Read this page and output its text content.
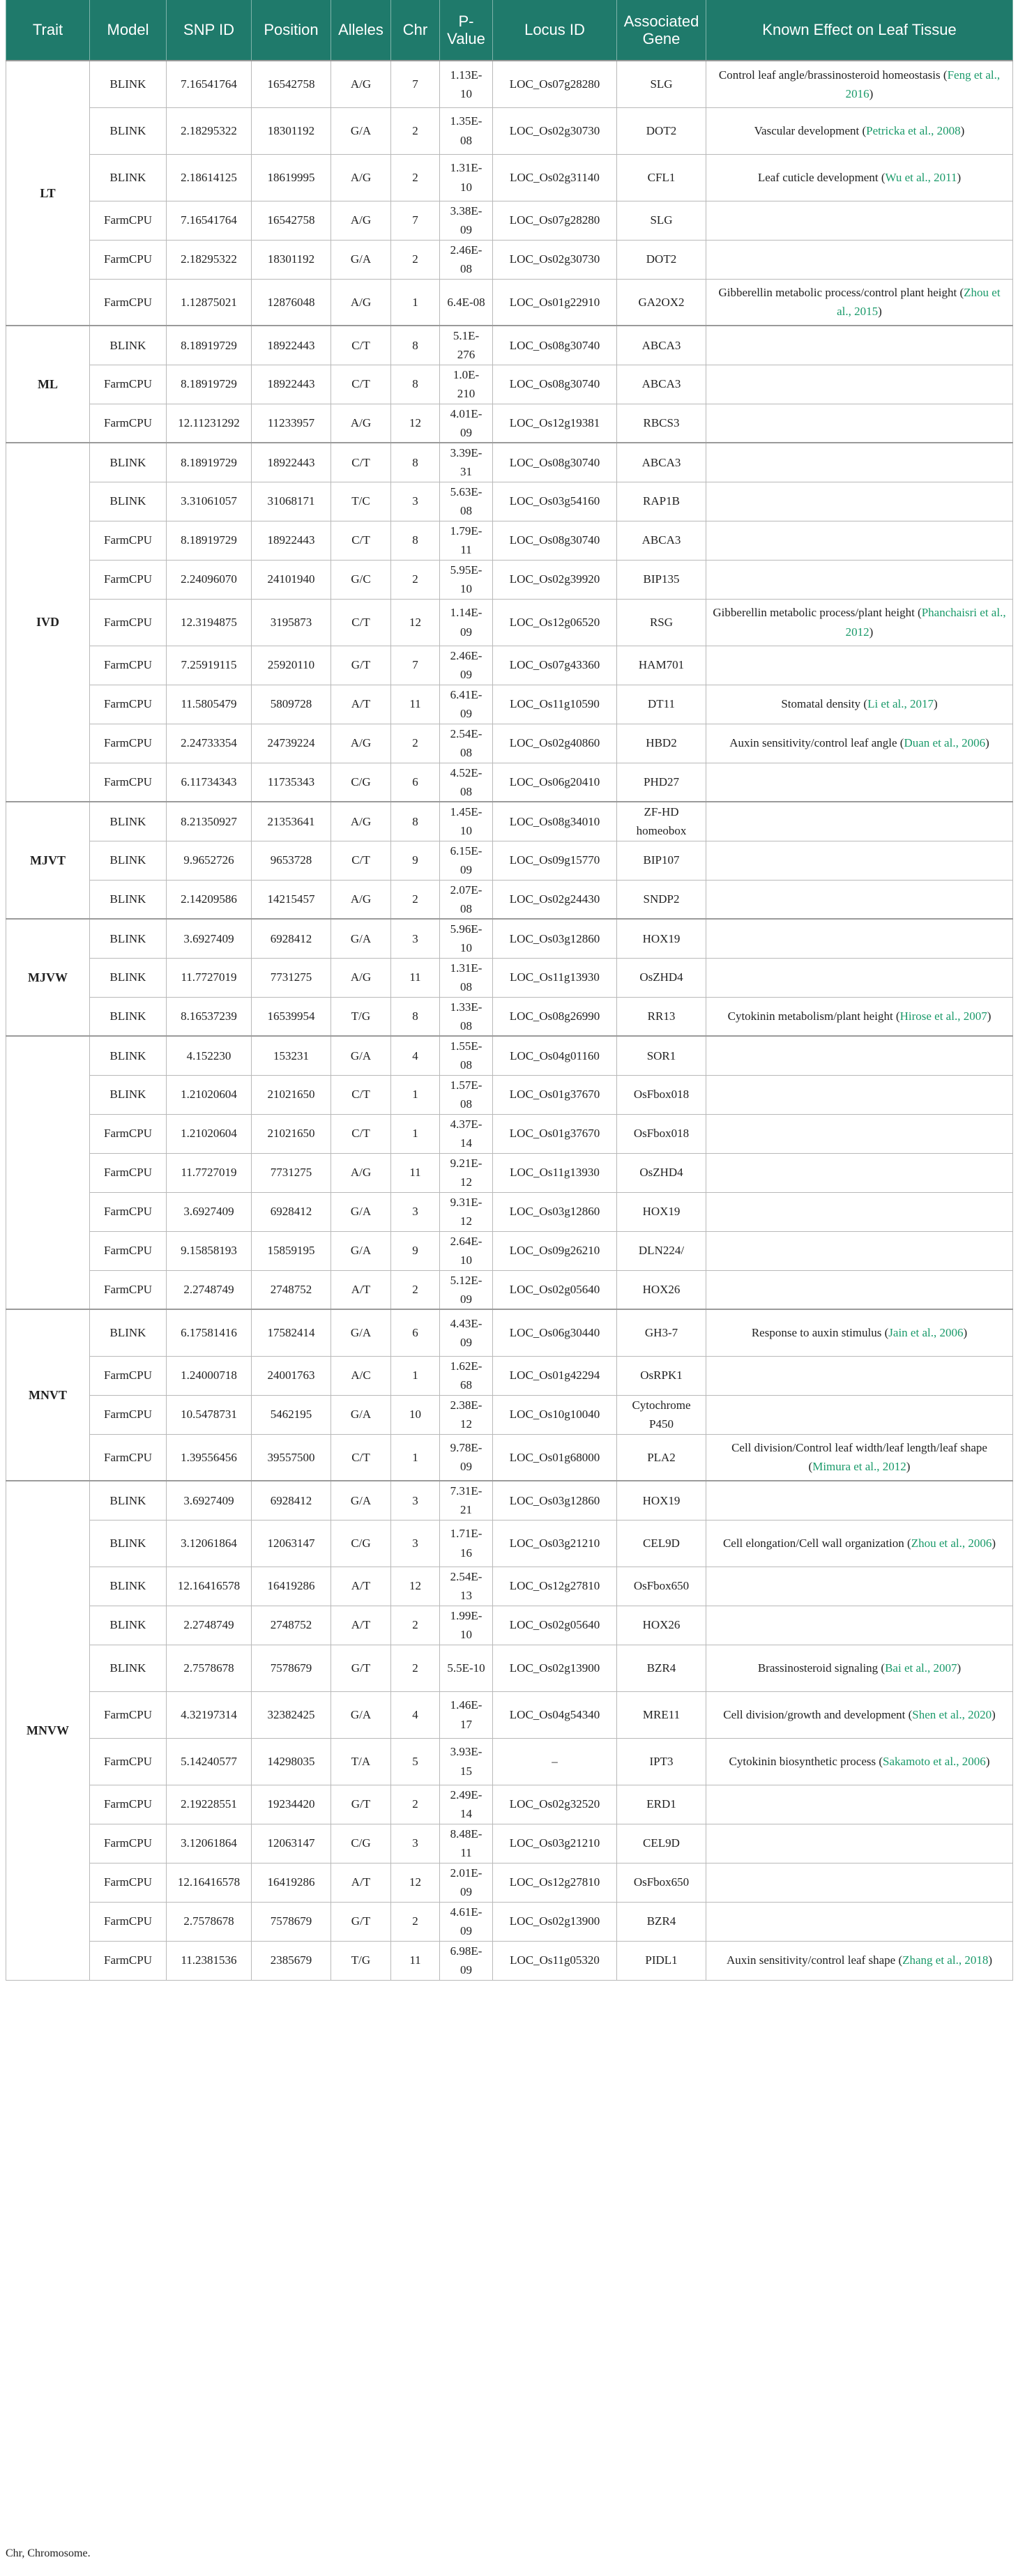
Trait	Model	SNP ID	Position	Alleles	Chr	P-Value	Locus ID	Associated Gene	Known Effect on Leaf Tissue
LT	BLINK	7.16541764	16542758	A/G	7	1.13E-10	LOC_Os07g28280	SLG	Control leaf angle/brassinosteroid homeostasis (Feng et al., 2016)
	BLINK	2.18295322	18301192	G/A	2	1.35E-08	LOC_Os02g30730	DOT2	Vascular development (Petricka et al., 2008)
	BLINK	2.18614125	18619995	A/G	2	1.31E-10	LOC_Os02g31140	CFL1	Leaf cuticle development (Wu et al., 2011)
	FarmCPU	7.16541764	16542758	A/G	7	3.38E-09	LOC_Os07g28280	SLG	
	FarmCPU	2.18295322	18301192	G/A	2	2.46E-08	LOC_Os02g30730	DOT2	
	FarmCPU	1.12875021	12876048	A/G	1	6.4E-08	LOC_Os01g22910	GA2OX2	Gibberellin metabolic process/control plant height (Zhou et al., 2015)
ML	BLINK	8.18919729	18922443	C/T	8	5.1E-276	LOC_Os08g30740	ABCA3	
	FarmCPU	8.18919729	18922443	C/T	8	1.0E-210	LOC_Os08g30740	ABCA3	
	FarmCPU	12.11231292	11233957	A/G	12	4.01E-09	LOC_Os12g19381	RBCS3	
IVD	BLINK	8.18919729	18922443	C/T	8	3.39E-31	LOC_Os08g30740	ABCA3	
	BLINK	3.31061057	31068171	T/C	3	5.63E-08	LOC_Os03g54160	RAP1B	
	FarmCPU	8.18919729	18922443	C/T	8	1.79E-11	LOC_Os08g30740	ABCA3	
	FarmCPU	2.24096070	24101940	G/C	2	5.95E-10	LOC_Os02g39920	BIP135	
	FarmCPU	12.3194875	3195873	C/T	12	1.14E-09	LOC_Os12g06520	RSG	Gibberellin metabolic process/plant height (Phanchaisri et al., 2012)
	FarmCPU	7.25919115	25920110	G/T	7	2.46E-09	LOC_Os07g43360	HAM701	
	FarmCPU	11.5805479	5809728	A/T	11	6.41E-09	LOC_Os11g10590	DT11	Stomatal density (Li et al., 2017)
	FarmCPU	2.24733354	24739224	A/G	2	2.54E-08	LOC_Os02g40860	HBD2	Auxin sensitivity/control leaf angle (Duan et al., 2006)
	FarmCPU	6.11734343	11735343	C/G	6	4.52E-08	LOC_Os06g20410	PHD27	
MJVT	BLINK	8.21350927	21353641	A/G	8	1.45E-10	LOC_Os08g34010	ZF-HD homeobox	
	BLINK	9.9652726	9653728	C/T	9	6.15E-09	LOC_Os09g15770	BIP107	
	BLINK	2.14209586	14215457	A/G	2	2.07E-08	LOC_Os02g24430	SNDP2	
MJVW	BLINK	3.6927409	6928412	G/A	3	5.96E-10	LOC_Os03g12860	HOX19	
	BLINK	11.7727019	7731275	A/G	11	1.31E-08	LOC_Os11g13930	OsZHD4	
	BLINK	8.16537239	16539954	T/G	8	1.33E-08	LOC_Os08g26990	RR13	Cytokinin metabolism/plant height (Hirose et al., 2007)
	BLINK	4.152230	153231	G/A	4	1.55E-08	LOC_Os04g01160	SOR1	
	BLINK	1.21020604	21021650	C/T	1	1.57E-08	LOC_Os01g37670	OsFbox018	
	FarmCPU	1.21020604	21021650	C/T	1	4.37E-14	LOC_Os01g37670	OsFbox018	
	FarmCPU	11.7727019	7731275	A/G	11	9.21E-12	LOC_Os11g13930	OsZHD4	
	FarmCPU	3.6927409	6928412	G/A	3	9.31E-12	LOC_Os03g12860	HOX19	
	FarmCPU	9.15858193	15859195	G/A	9	2.64E-10	LOC_Os09g26210	DLN224/	
	FarmCPU	2.2748749	2748752	A/T	2	5.12E-09	LOC_Os02g05640	HOX26	
MNVT	BLINK	6.17581416	17582414	G/A	6	4.43E-09	LOC_Os06g30440	GH3-7	Response to auxin stimulus (Jain et al., 2006)
	FarmCPU	1.24000718	24001763	A/C	1	1.62E-68	LOC_Os01g42294	OsRPK1	
	FarmCPU	10.5478731	5462195	G/A	10	2.38E-12	LOC_Os10g10040	Cytochrome P450	
	FarmCPU	1.39556456	39557500	C/T	1	9.78E-09	LOC_Os01g68000	PLA2	Cell division/Control leaf width/leaf length/leaf shape (Mimura et al., 2012)
MNVW	BLINK	3.6927409	6928412	G/A	3	7.31E-21	LOC_Os03g12860	HOX19	
	BLINK	3.12061864	12063147	C/G	3	1.71E-16	LOC_Os03g21210	CEL9D	Cell elongation/Cell wall organization (Zhou et al., 2006)
	BLINK	12.16416578	16419286	A/T	12	2.54E-13	LOC_Os12g27810	OsFbox650	
	BLINK	2.2748749	2748752	A/T	2	1.99E-10	LOC_Os02g05640	HOX26	
	BLINK	2.7578678	7578679	G/T	2	5.5E-10	LOC_Os02g13900	BZR4	Brassinosteroid signaling (Bai et al., 2007)
	FarmCPU	4.32197314	32382425	G/A	4	1.46E-17	LOC_Os04g54340	MRE11	Cell division/growth and development (Shen et al., 2020)
	FarmCPU	5.14240577	14298035	T/A	5	3.93E-15	–	IPT3	Cytokinin biosynthetic process (Sakamoto et al., 2006)
	FarmCPU	2.19228551	19234420	G/T	2	2.49E-14	LOC_Os02g32520	ERD1	
	FarmCPU	3.12061864	12063147	C/G	3	8.48E-11	LOC_Os03g21210	CEL9D	
	FarmCPU	12.16416578	16419286	A/T	12	2.01E-09	LOC_Os12g27810	OsFbox650	
	FarmCPU	2.7578678	7578679	G/T	2	4.61E-09	LOC_Os02g13900	BZR4	
	FarmCPU	11.2381536	2385679	T/G	11	6.98E-09	LOC_Os11g05320	PIDL1	Auxin sensitivity/control leaf shape (Zhang et al., 2018)
Chr, Chromosome.
